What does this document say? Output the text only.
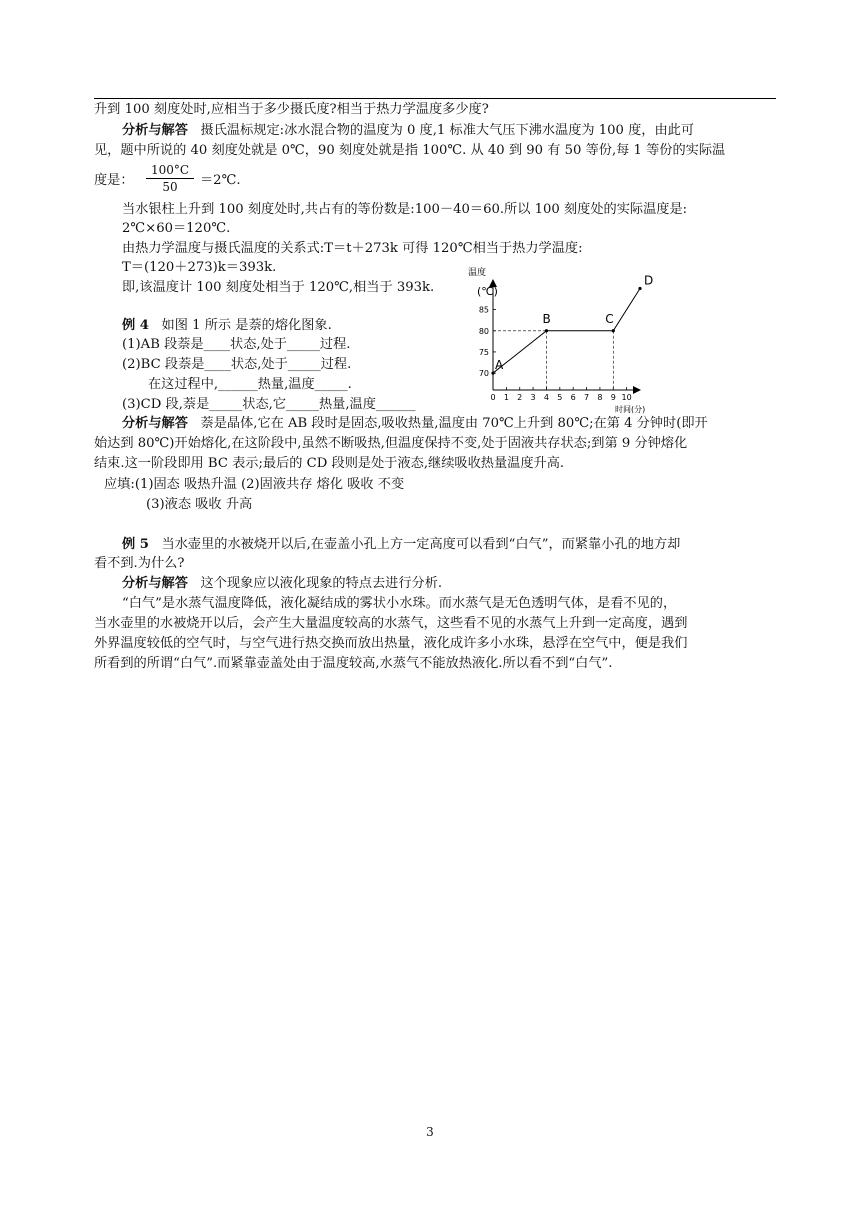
升到 100 刻度处时,应相当于多少摄氏度?相当于热力学温度多少度?
分析与解答 摄氏温标规定:冰水混合物的温度为 0 度,1 标准大气压下沸水温度为 100 度，由此可
见，题中所说的 40 刻度处就是 0℃，90 刻度处就是指 100℃. 从 40 到 90 有 50 等份,每 1 等份的实际温
度是： $\frac{100^\circ C}{50}$ ＝2℃.
当水银柱上升到 100 刻度处时,共占有的等份数是:100－40＝60.所以 100 刻度处的实际温度是:
2℃×60＝120℃.
由热力学温度与摄氏温度的关系式:T＝t＋273k 可得 120℃相当于热力学温度:
T＝(120＋273)k＝393k.
即,该温度计 100 刻度处相当于 120℃,相当于 393k.
例 4 如图 1 所示 是萘的熔化图象.
(1)AB 段萘是____状态,处于_____过程.
(2)BC 段萘是____状态,处于_____过程.
在这过程中,______热量,温度_____.
(3)CD 段,萘是_____状态,它_____热量,温度______
温度
(℃)
时间(分)
70
75
80
85
0 1 2 3 4 5 6 7 8 9 10
A
B	C
D
分析与解答 萘是晶体,它在 AB 段时是固态,吸收热量,温度由 70℃上升到 80℃;在第 4 分钟时(即开
始达到 80℃)开始熔化,在这阶段中,虽然不断吸热,但温度保持不变,处于固液共存状态;到第 9 分钟熔化
结束.这一阶段即用 BC 表示;最后的 CD 段则是处于液态,继续吸收热量温度升高.
应填:(1)固态 吸热升温 (2)固液共存 熔化 吸收 不变
(3)液态 吸收 升高
例 5 当水壶里的水被烧开以后,在壶盖小孔上方一定高度可以看到“白气”，而紧靠小孔的地方却
看不到.为什么?
分析与解答 这个现象应以液化现象的特点去进行分析.
“白气”是水蒸气温度降低，液化凝结成的雾状小水珠。而水蒸气是无色透明气体，是看不见的，
当水壶里的水被烧开以后，会产生大量温度较高的水蒸气，这些看不见的水蒸气上升到一定高度，遇到
外界温度较低的空气时，与空气进行热交换而放出热量，液化成许多小水珠，悬浮在空气中，便是我们
所看到的所谓“白气”.而紧靠壶盖处由于温度较高,水蒸气不能放热液化.所以看不到“白气”.
3
